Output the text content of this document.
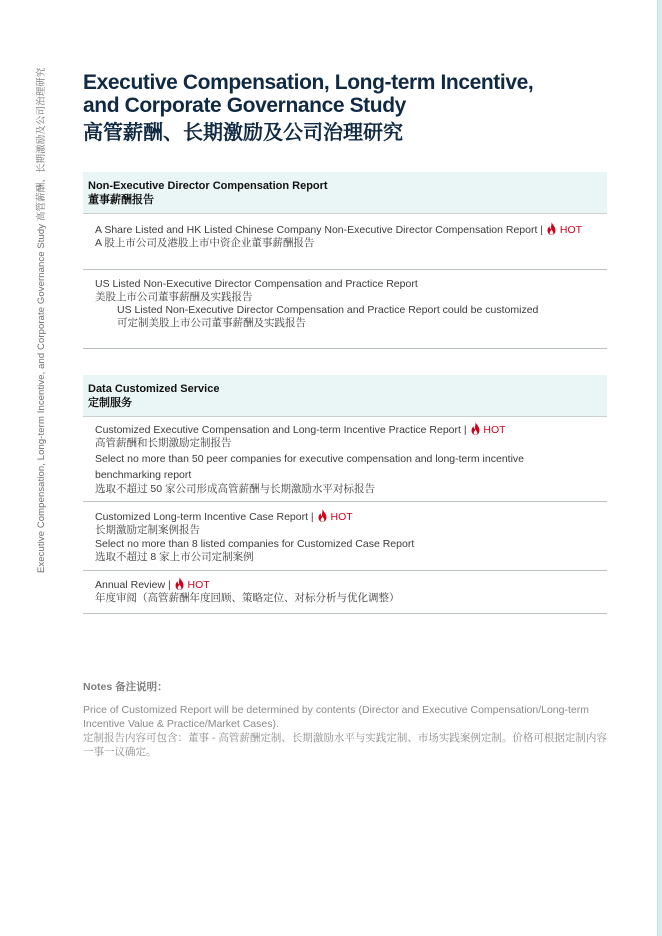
Executive Compensation, Long-term Incentive, and Corporate Governance Study 高管薪酬、长期激励及公司治理研究 Executive Compensation, Long-term Incentive,
and Corporate Governance Study
高管薪酬、长期激励及公司治理研究
Non-Executive Director Compensation Report
董事薪酬报告
A Share Listed and HK Listed Chinese Company Non-Executive Director Compensation Report | HOT
A 股上市公司及港股上市中资企业董事薪酬报告
US Listed Non-Executive Director Compensation and Practice Report
美股上市公司董事薪酬及实践报告
US Listed Non-Executive Director Compensation and Practice Report could be customized
可定制美股上市公司董事薪酬及实践报告
Data Customized Service
定制服务
Customized Executive Compensation and Long-term Incentive Practice Report | HOT
高管薪酬和长期激励定制报告
Select no more than 50 peer companies for executive compensation and long-term incentive benchmarking report
选取不超过 50 家公司形成高管薪酬与长期激励水平对标报告
Customized Long-term Incentive Case Report | HOT
长期激励定制案例报告
Select no more than 8 listed companies for Customized Case Report
选取不超过 8 家上市公司定制案例
Annual Review | HOT
年度审阅（高管薪酬年度回顾、策略定位、对标分析与优化调整）
Notes 备注说明：
Price of Customized Report will be determined by contents (Director and Executive Compensation/Long-term Incentive Value & Practice/Market Cases).
定制报告内容可包含：董事 - 高管薪酬定制、长期激励水平与实践定制、市场实践案例定制。价格可根据定制内容一事一议确定。
